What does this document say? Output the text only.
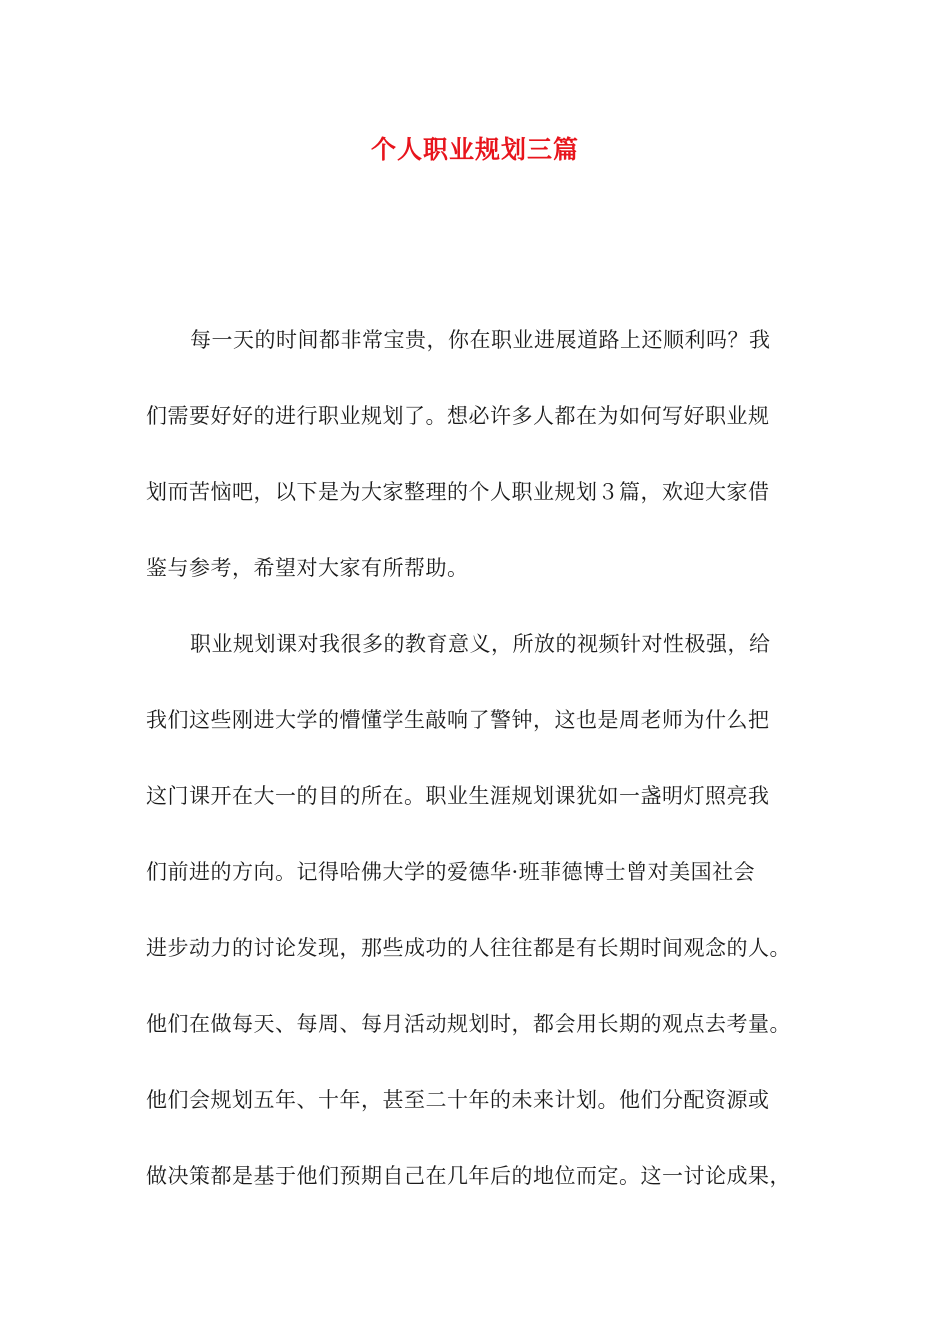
个人职业规划三篇
每一天的时间都非常宝贵，你在职业进展道路上还顺利吗？我
们需要好好的进行职业规划了。想必许多人都在为如何写好职业规
划而苦恼吧，以下是为大家整理的个人职业规划３篇，欢迎大家借
鉴与参考，希望对大家有所帮助。
职业规划课对我很多的教育意义，所放的视频针对性极强，给
我们这些刚进大学的懵懂学生敲响了警钟，这也是周老师为什么把
这门课开在大一的目的所在。职业生涯规划课犹如一盏明灯照亮我
们前进的方向。记得哈佛大学的爱德华·班菲德博士曾对美国社会
进步动力的讨论发现，那些成功的人往往都是有长期时间观念的人。
他们在做每天、每周、每月活动规划时，都会用长期的观点去考量。
他们会规划五年、十年，甚至二十年的未来计划。他们分配资源或
做决策都是基于他们预期自己在几年后的地位而定。这一讨论成果，
